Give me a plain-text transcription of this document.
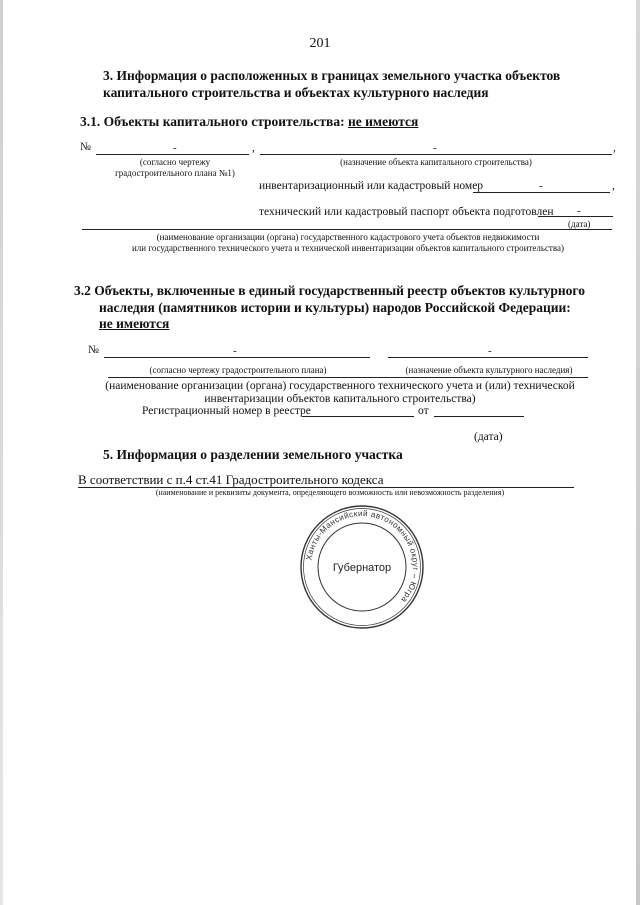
201
3. Информация о расположенных в границах земельного участка объектов
капитального строительства и объектах культурного наследия
3.1. Объекты капитального строительства: не имеются
№	-	,	-	,
(согласно чертежу
градостроительного плана №1)
(назначение объекта капитального строительства)
инвентаризационный или кадастровый номер	-	,
технический или кадастровый паспорт объекта подготовлен -
(дата)
(наименование организации (органа) государственного кадастрового учета объектов недвижимости
или государственного технического учета и технической инвентаризации объектов капитального строительства)
3.2 Объекты, включенные в единый государственный реестр объектов культурного
наследия (памятников истории и культуры) народов Российской Федерации:
не имеются
№	-	-
(согласно чертежу градостроительного плана)	(назначение объекта культурного наследия)
(наименование организации (органа) государственного технического учета и (или) технической
инвентаризации объектов капитального строительства)
Регистрационный номер в реестре	от
(дата)
5. Информация о разделении земельного участка
В соответствии с п.4 ст.41 Градостроительного кодекса
(наименование и реквизиты документа, определяющего возможность или невозможность разделения)
Ханты-Мансийский автономный округ – Югра
Губернатор
